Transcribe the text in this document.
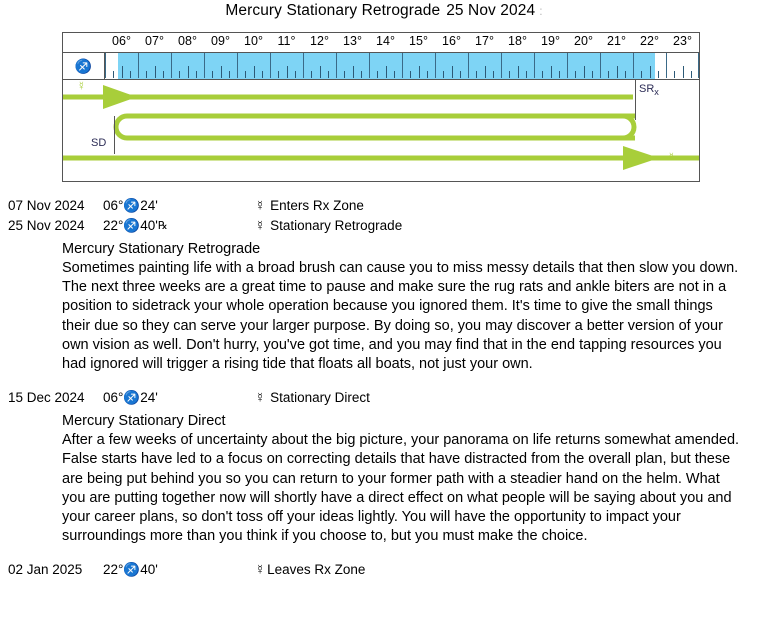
Mercury Stationary Retrograde 25 Nov 2024 :
06°	07°	08°	09°	10°	11°	12°	13°	14°	15°	16°	17°	18°	19°	20°	21°	22°	23°
♐
☿
☿
$SR_x$
SD
07 Nov 2024 06°♐24'	☿ Enters Rx Zone
25 Nov 2024 22°♐40'℞	☿ Stationary Retrograde
Mercury Stationary Retrograde
Sometimes painting life with a broad brush can cause you to miss messy details that then slow you down. The next three weeks are a great time to pause and make sure the rug rats and ankle biters are not in a position to sidetrack your whole operation because you ignored them. It's time to give the small things their due so they can serve your larger purpose. By doing so, you may discover a better version of your own vision as well. Don't hurry, you've got time, and you may find that in the end tapping resources you had ignored will trigger a rising tide that floats all boats, not just your own.
15 Dec 2024 06°♐24'	☿ Stationary Direct
Mercury Stationary Direct
After a few weeks of uncertainty about the big picture, your panorama on life returns somewhat amended. False starts have led to a focus on correcting details that have distracted from the overall plan, but these are being put behind you so you can return to your former path with a steadier hand on the helm. What you are putting together now will shortly have a direct effect on what people will be saying about you and your career plans, so don't toss off your ideas lightly. You will have the opportunity to impact your surroundings more than you think if you choose to, but you must make the choice.
02 Jan 2025 22°♐40'	☿ Leaves Rx Zone
